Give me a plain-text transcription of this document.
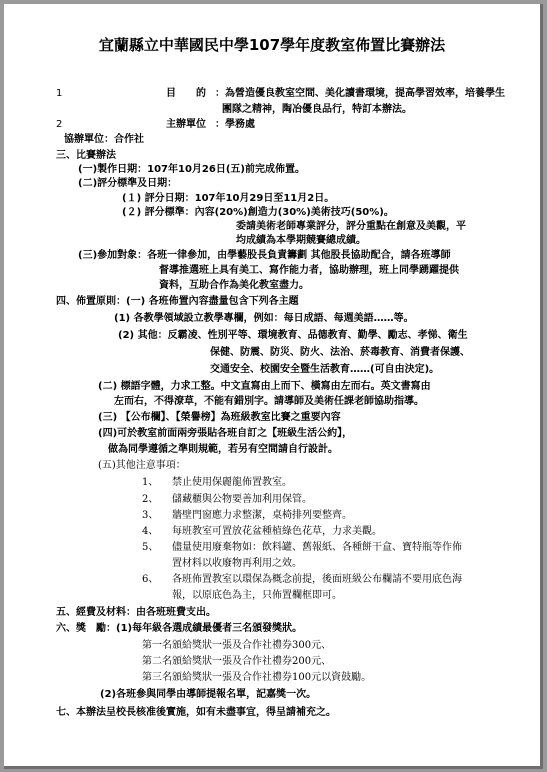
宜蘭縣立中華國民中學107學年度教室佈置比賽辦法
1	目　　的 ：為營造優良教室空間、美化讀書環境，提高學習效率，培養學生
團隊之精神，陶冶優良品行，特訂本辦法。
2	主辦單位 ：學務處
協辦單位：合作社
三、比賽辦法
(一)製作日期：107年10月26日(五)前完成佈置。
(二)評分標準及日期：
(１) 評分日期：107年10月29日至11月2日。
(２) 評分標準：內容(20%)創造力(30%)美術技巧(50%)。
委請美術老師專業評分，評分重點在創意及美觀，平
均成績為本學期競賽總成績。
(三)參加對象：各班一律參加，由學藝股長負責籌劃 其他股長協助配合，請各班導師
督導推選班上具有美工、寫作能力者，協助辦理，班上同學踴躍提供
資料，互助合作為美化教室盡力。
四、佈置原則：(一) 各班佈置內容盡量包含下列各主題
(1) 各教學領域設立教學專欄，例如：每日成語、每週美語……等。
(2) 其他：反霸凌、性別平等、環境教育、品德教育、勤學、勵志、孝悌、衛生
保健、防震、防災、防火、法治、菸毒教育、消費者保護、
交通安全、校園安全暨生活教育……(可自由決定)。
(二) 標語字體，力求工整。中文直寫由上而下、橫寫由左而右。英文書寫由
左而右，不得潦草，不能有錯別字。請導師及美術任課老師協助指導。
(三) 【公布欄】、【榮譽榜】為班級教室比賽之重要內容
(四)可於教室前面兩旁張貼各班自訂之【班級生活公約】，
做為同學遵循之準則規範，若另有空間請自行設計。
(五)其他注意事項：
1、 禁止使用保麗龍佈置教室。
2、 儲藏櫃與公物要善加利用保管。
3、 牆壁門窗應力求整潔，桌椅排列要整齊。
4、 每班教室可置放花盆種植綠色花草，力求美觀。
5、 儘量使用廢棄物如：飲料罐、舊報紙、各種餅干盒、寶特瓶等作佈
置材料以收廢物再利用之效。
6、 各班佈置教室以環保為概念前提，後面班級公布欄請不要用底色海
報，以原底色為主，只佈置欄框即可。
五、經費及材料：由各班班費支出。
六、獎　勵：(1)每年級各選成績最優者三名頒發獎狀。
第一名頒給獎狀一張及合作社禮券300元、
第二名頒給獎狀一張及合作社禮券200元、
第三名頒給獎狀一張及合作社禮券100元以資鼓勵。
(2)各班參與同學由導師提報名單，記嘉獎一次。
七、本辦法呈校長核准後實施，如有未盡事宜，得呈請補充之。
